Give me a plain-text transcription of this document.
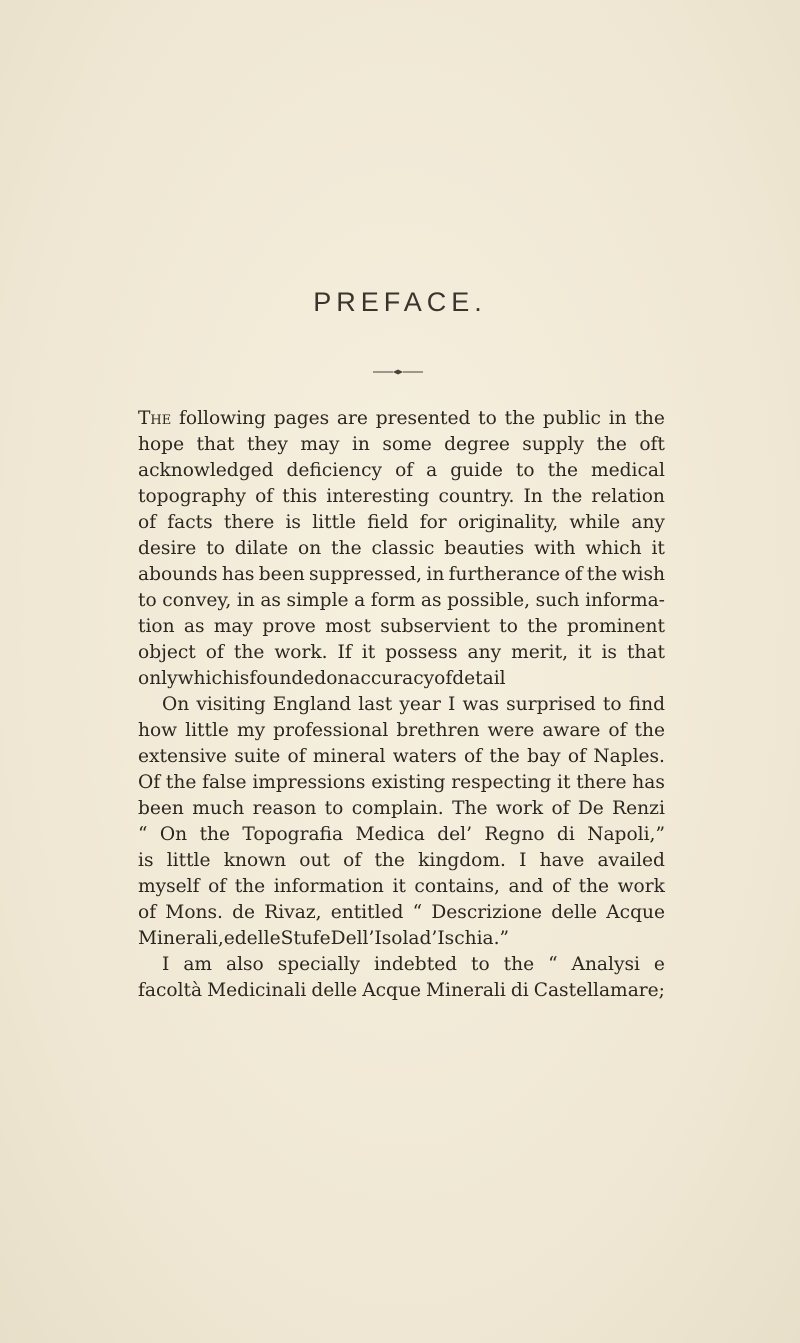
PREFACE.
The following pages are presented to the public in the
hope that they may in some degree supply the oft
acknowledged deficiency of a guide to the medical
topography of this interesting country. In the relation
of facts there is little field for originality, while any
desire to dilate on the classic beauties with which it
abounds has been suppressed, in furtherance of the wish
to convey, in as simple a form as possible, such informa-
tion as may prove most subservient to the prominent
object of the work. If it possess any merit, it is that
only which is founded on accuracy of detail
On visiting England last year I was surprised to find
how little my professional brethren were aware of the
extensive suite of mineral waters of the bay of Naples.
Of the false impressions existing respecting it there has
been much reason to complain. The work of De Renzi
“ On the Topografia Medica del’ Regno di Napoli,”
is little known out of the kingdom. I have availed
myself of the information it contains, and of the work
of Mons. de Rivaz, entitled “ Descrizione delle Acque
Minerali, e delle Stufe Dell’ Isola d’ Ischia.”
I am also specially indebted to the “ Analysi e
facoltà Medicinali delle Acque Minerali di Castellamare;
